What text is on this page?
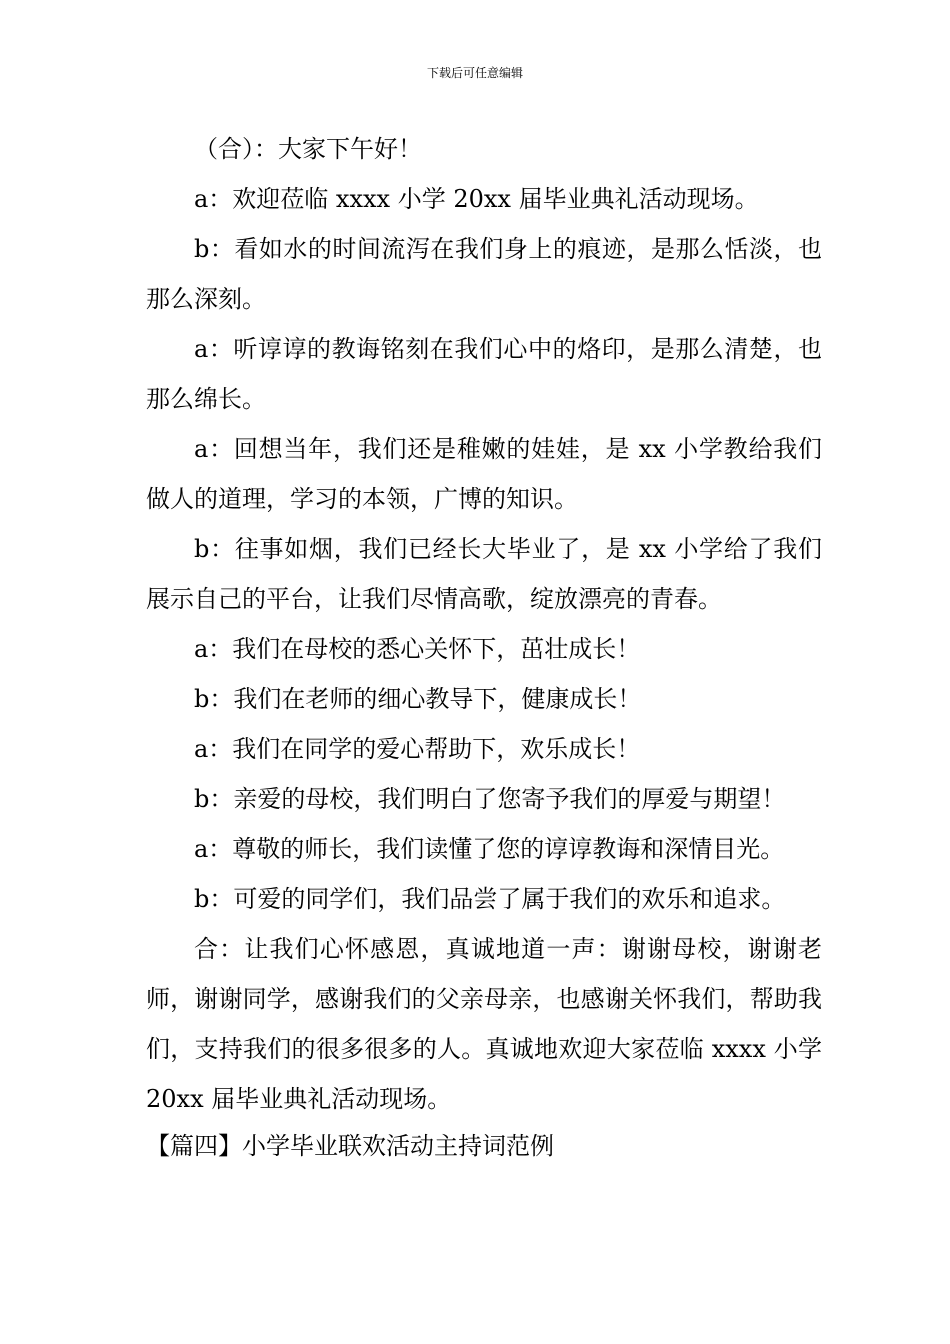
下载后可任意编辑

（合）：大家下午好！

a：欢迎莅临 xxxx 小学 20xx 届毕业典礼活动现场。

b：看如水的时间流泻在我们身上的痕迹，是那么恬淡，也那么深刻。

a：听谆谆的教诲铭刻在我们心中的烙印，是那么清楚，也那么绵长。

a：回想当年，我们还是稚嫩的娃娃，是 xx 小学教给我们做人的道理，学习的本领，广博的知识。

b：往事如烟，我们已经长大毕业了，是 xx 小学给了我们展示自己的平台，让我们尽情高歌，绽放漂亮的青春。

a：我们在母校的悉心关怀下，茁壮成长！

b：我们在老师的细心教导下，健康成长！

a：我们在同学的爱心帮助下，欢乐成长！

b：亲爱的母校，我们明白了您寄予我们的厚爱与期望！

a：尊敬的师长，我们读懂了您的谆谆教诲和深情目光。

b：可爱的同学们，我们品尝了属于我们的欢乐和追求。

合：让我们心怀感恩，真诚地道一声：谢谢母校，谢谢老师，谢谢同学，感谢我们的父亲母亲，也感谢关怀我们，帮助我们，支持我们的很多很多的人。真诚地欢迎大家莅临 xxxx 小学 20xx 届毕业典礼活动现场。

【篇四】小学毕业联欢活动主持词范例
